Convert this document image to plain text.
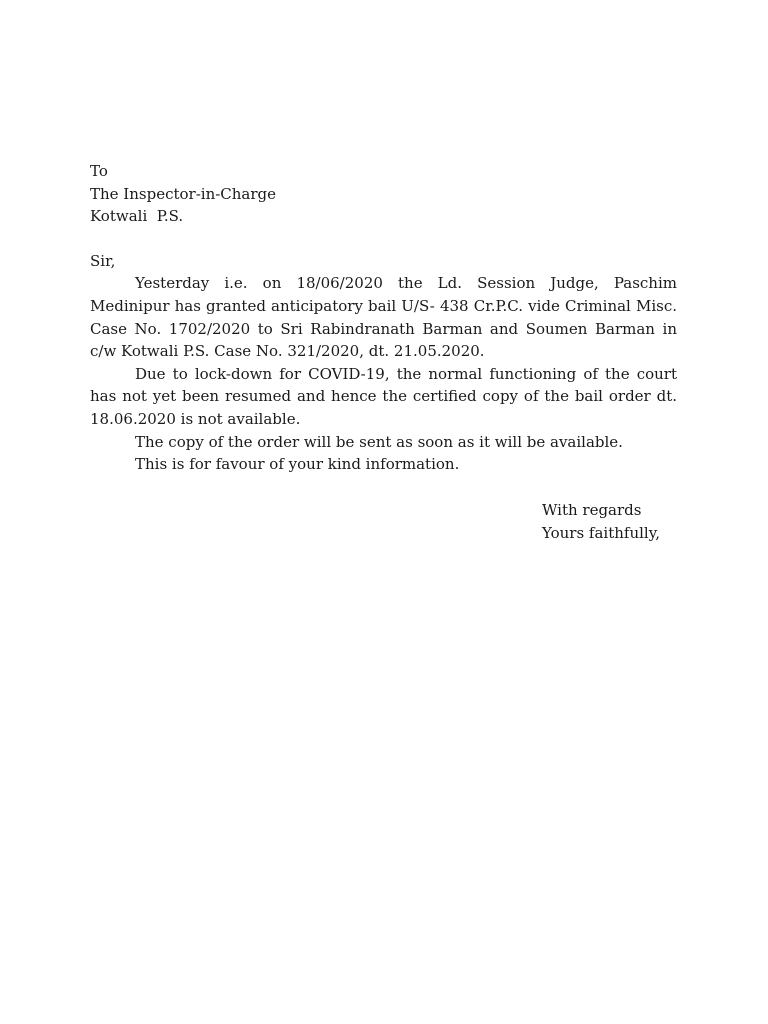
To
The Inspector-in-Charge
Kotwali  P.S.
Sir,

Yesterday i.e. on 18/06/2020 the Ld. Session Judge, Paschim Medinipur has granted anticipatory bail U/S- 438 Cr.P.C. vide Criminal Misc. Case No. 1702/2020 to Sri Rabindranath Barman and Soumen Barman in c/w Kotwali P.S. Case No. 321/2020, dt. 21.05.2020.

Due to lock-down for COVID-19, the normal functioning of the court has not yet been resumed and hence the certified copy of the bail order dt. 18.06.2020 is not available.

The copy of the order will be sent as soon as it will be available.

This is for favour of your kind information.

With regards
Yours faithfully,
